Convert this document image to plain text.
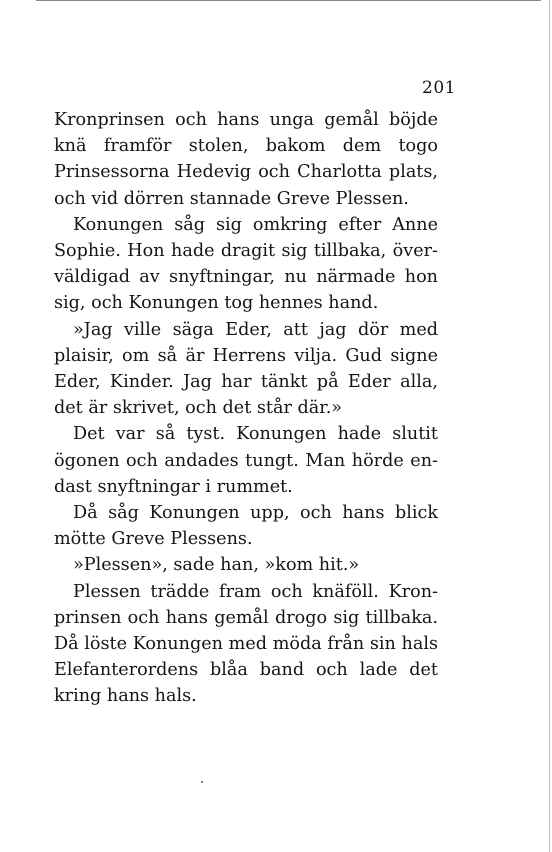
201

Kronprinsen och hans unga gemål böjde knä framför stolen, bakom dem togo Prinsessorna Hedevig och Charlotta plats, och vid dörren stannade Greve Plessen.

Konungen såg sig omkring efter Anne Sophie. Hon hade dragit sig tillbaka, överväldigad av snyftningar, nu närmade hon sig, och Konungen tog hennes hand.

»Jag ville säga Eder, att jag dör med plaisir, om så är Herrens vilja. Gud signe Eder, Kinder. Jag har tänkt på Eder alla, det är skrivet, och det står där.»

Det var så tyst. Konungen hade slutit ögonen och andades tungt. Man hörde endast snyftningar i rummet.

Då såg Konungen upp, och hans blick mötte Greve Plessens.

»Plessen», sade han, »kom hit.»

Plessen trädde fram och knäföll. Kronprinsen och hans gemål drogo sig tillbaka. Då löste Konungen med möda från sin hals Elefanterordens blåa band och lade det kring hans hals.
